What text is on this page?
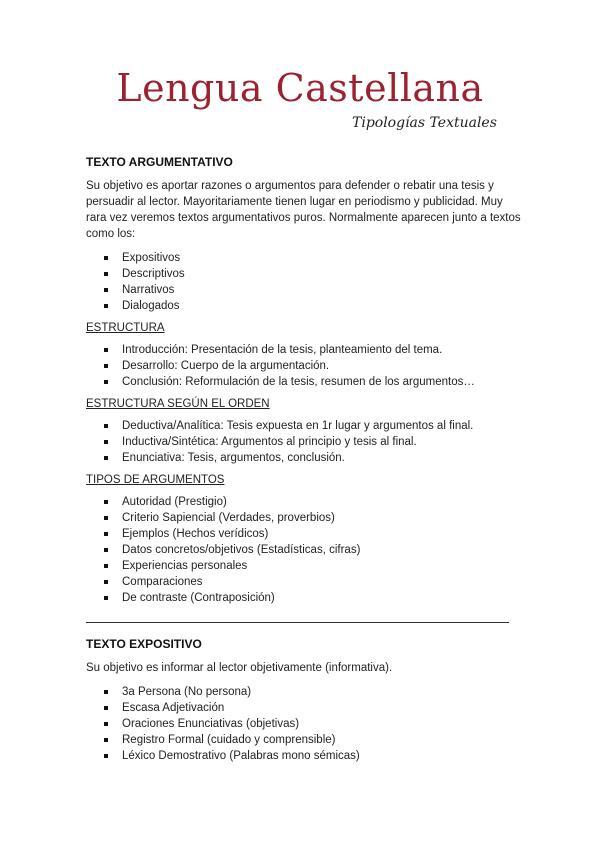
Lengua Castellana
Tipologías Textuales
TEXTO ARGUMENTATIVO

Su objetivo es aportar razones o argumentos para defender o rebatir una tesis y persuadir al lector. Mayoritariamente tienen lugar en periodismo y publicidad. Muy rara vez veremos textos argumentativos puros. Normalmente aparecen junto a textos como los:

Expositivos
Descriptivos
Narrativos
Dialogados
ESTRUCTURA
Introducción: Presentación de la tesis, planteamiento del tema.
Desarrollo: Cuerpo de la argumentación.
Conclusión: Reformulación de la tesis, resumen de los argumentos…
ESTRUCTURA SEGÚN EL ORDEN
Deductiva/Analítica: Tesis expuesta en 1r lugar y argumentos al final.
Inductiva/Sintética: Argumentos al principio y tesis al final.
Enunciativa: Tesis, argumentos, conclusión.
TIPOS DE ARGUMENTOS
Autoridad (Prestigio)
Criterio Sapiencial (Verdades, proverbios)
Ejemplos (Hechos verídicos)
Datos concretos/objetivos (Estadísticas, cifras)
Experiencias personales
Comparaciones
De contraste (Contraposición)
TEXTO EXPOSITIVO

Su objetivo es informar al lector objetivamente (informativa).

3a Persona (No persona)
Escasa Adjetivación
Oraciones Enunciativas (objetivas)
Registro Formal (cuidado y comprensible)
Léxico Demostrativo (Palabras mono sémicas)
